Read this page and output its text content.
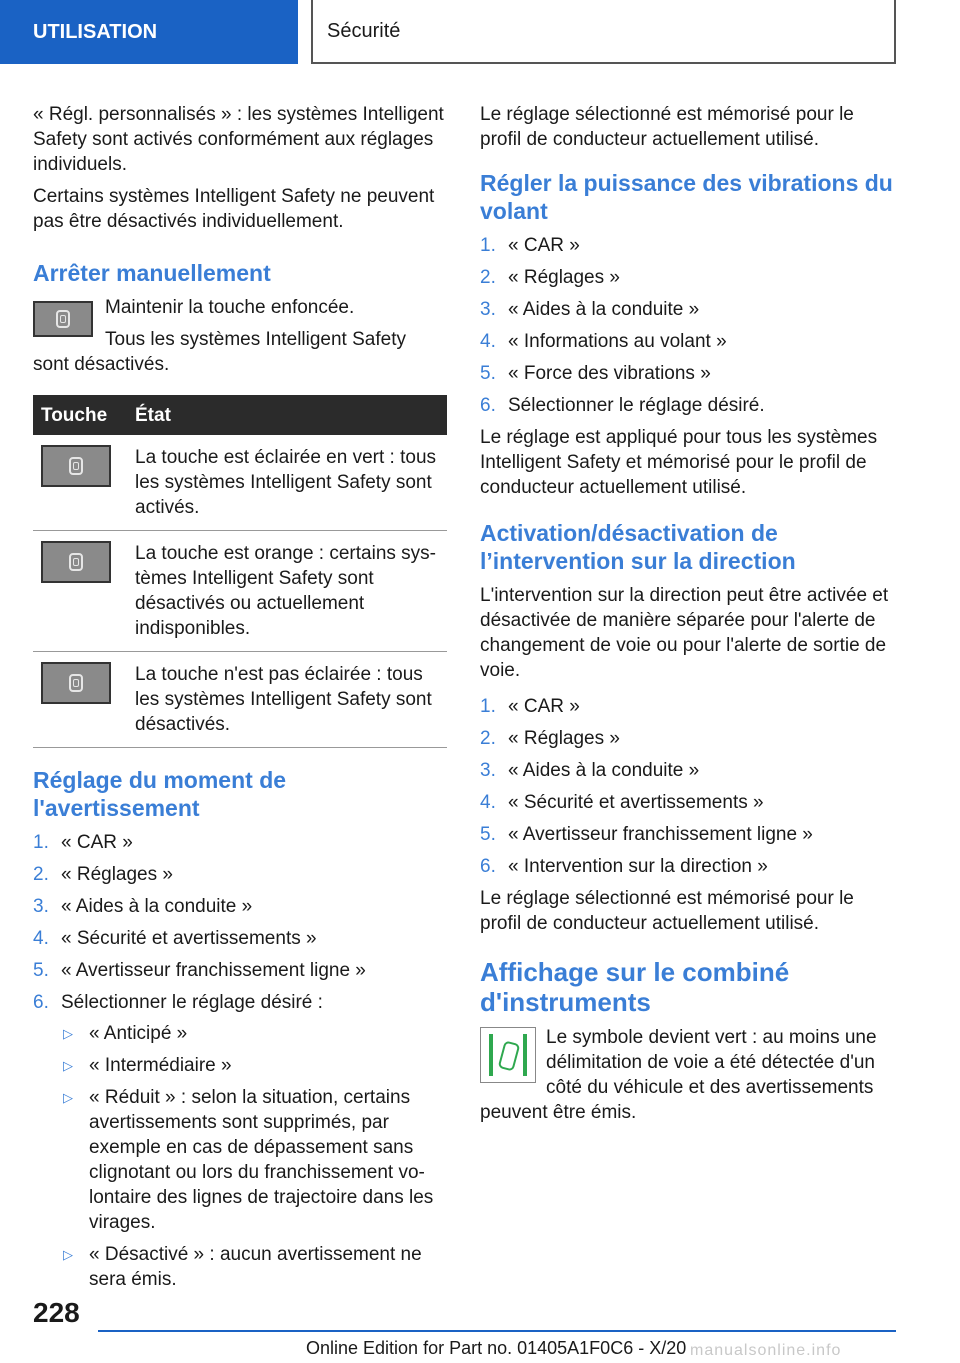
UTILISATION	Sécurité

« Régl. personnalisés » : les systèmes Intelligent Safety sont activés conformément aux réglages individuels.

Certains systèmes Intelligent Safety ne peuvent pas être désactivés individuellement.

Arrêter manuellement

Maintenir la touche enfoncée.

Tous les systèmes Intelligent Safety sont désactivés.

Touche	État

	La touche est éclairée en vert : tous les systèmes Intelligent Safety sont activés.

	La touche est orange : certains systèmes Intelligent Safety sont désactivés ou actuellement indisponibles.

	La touche n'est pas éclairée : tous les systèmes Intelligent Safety sont désactivés.
Réglage du moment de l'avertissement
1. « CAR »
2. « Réglages »
3. « Aides à la conduite »
4. « Sécurité et avertissements »
5. « Avertisseur franchissement ligne »
6. Sélectionner le réglage désiré :
▷ « Anticipé »
▷ « Intermédiaire »
▷ « Réduit » : selon la situation, certains avertissements sont supprimés, par exemple en cas de dépassement sans clignotant ou lors du franchissement volontaire des lignes de trajectoire dans les virages.
▷ « Désactivé » : aucun avertissement ne sera émis.

Le réglage sélectionné est mémorisé pour le profil de conducteur actuellement utilisé.

Régler la puissance des vibrations du volant
1. « CAR »
2. « Réglages »
3. « Aides à la conduite »
4. « Informations au volant »
5. « Force des vibrations »
6. Sélectionner le réglage désiré.

Le réglage est appliqué pour tous les systèmes Intelligent Safety et mémorisé pour le profil de conducteur actuellement utilisé.

Activation/désactivation de l’intervention sur la direction

L'intervention sur la direction peut être activée et désactivée de manière séparée pour l'alerte de changement de voie ou pour l'alerte de sortie de voie.

1. « CAR »
2. « Réglages »
3. « Aides à la conduite »
4. « Sécurité et avertissements »
5. « Avertisseur franchissement ligne »
6. « Intervention sur la direction »

Le réglage sélectionné est mémorisé pour le profil de conducteur actuellement utilisé.

Affichage sur le combiné d'instruments

Le symbole devient vert : au moins une délimitation de voie a été détectée d'un côté du véhicule et des avertissements peuvent être émis.

228
Online Edition for Part no. 01405A1F0C6 - X/20 manualsonline.info
